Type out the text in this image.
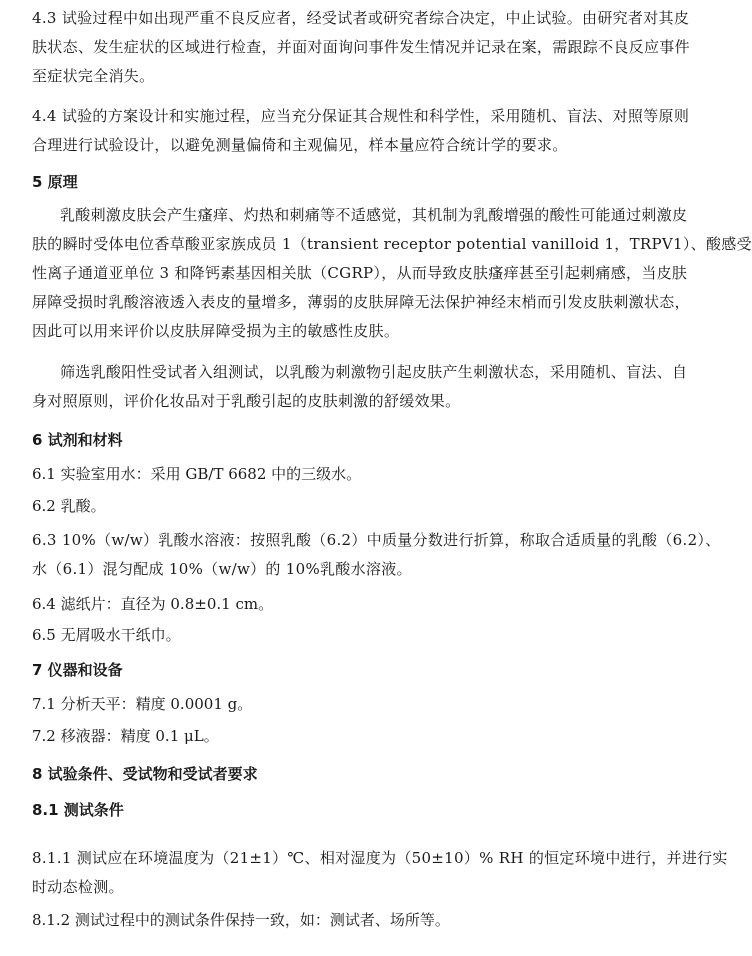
4.3 试验过程中如出现严重不良反应者，经受试者或研究者综合决定，中止试验。由研究者对其皮
肤状态、发生症状的区域进行检查，并面对面询问事件发生情况并记录在案，需跟踪不良反应事件
至症状完全消失。
4.4 试验的方案设计和实施过程，应当充分保证其合规性和科学性，采用随机、盲法、对照等原则
合理进行试验设计，以避免测量偏倚和主观偏见，样本量应符合统计学的要求。
5 原理
乳酸刺激皮肤会产生瘙痒、灼热和刺痛等不适感觉，其机制为乳酸增强的酸性可能通过刺激皮
肤的瞬时受体电位香草酸亚家族成员 1（transient receptor potential vanilloid 1，TRPV1）、酸感受
性离子通道亚单位 3 和降钙素基因相关肽（CGRP），从而导致皮肤瘙痒甚至引起刺痛感，当皮肤
屏障受损时乳酸溶液透入表皮的量增多，薄弱的皮肤屏障无法保护神经末梢而引发皮肤刺激状态，
因此可以用来评价以皮肤屏障受损为主的敏感性皮肤。
筛选乳酸阳性受试者入组测试，以乳酸为刺激物引起皮肤产生刺激状态，采用随机、盲法、自
身对照原则，评价化妆品对于乳酸引起的皮肤刺激的舒缓效果。
6 试剂和材料
6.1 实验室用水：采用 GB/T 6682 中的三级水。
6.2 乳酸。
6.3 10%（w/w）乳酸水溶液：按照乳酸（6.2）中质量分数进行折算，称取合适质量的乳酸（6.2）、
水（6.1）混匀配成 10%（w/w）的 10%乳酸水溶液。
6.4 滤纸片：直径为 0.8±0.1 cm。
6.5 无屑吸水干纸巾。
7 仪器和设备
7.1 分析天平：精度 0.0001 g。
7.2 移液器：精度 0.1 μL。
8 试验条件、受试物和受试者要求
8.1 测试条件
8.1.1 测试应在环境温度为（21±1）℃、相对湿度为（50±10）% RH 的恒定环境中进行，并进行实
时动态检测。
8.1.2 测试过程中的测试条件保持一致，如：测试者、场所等。
